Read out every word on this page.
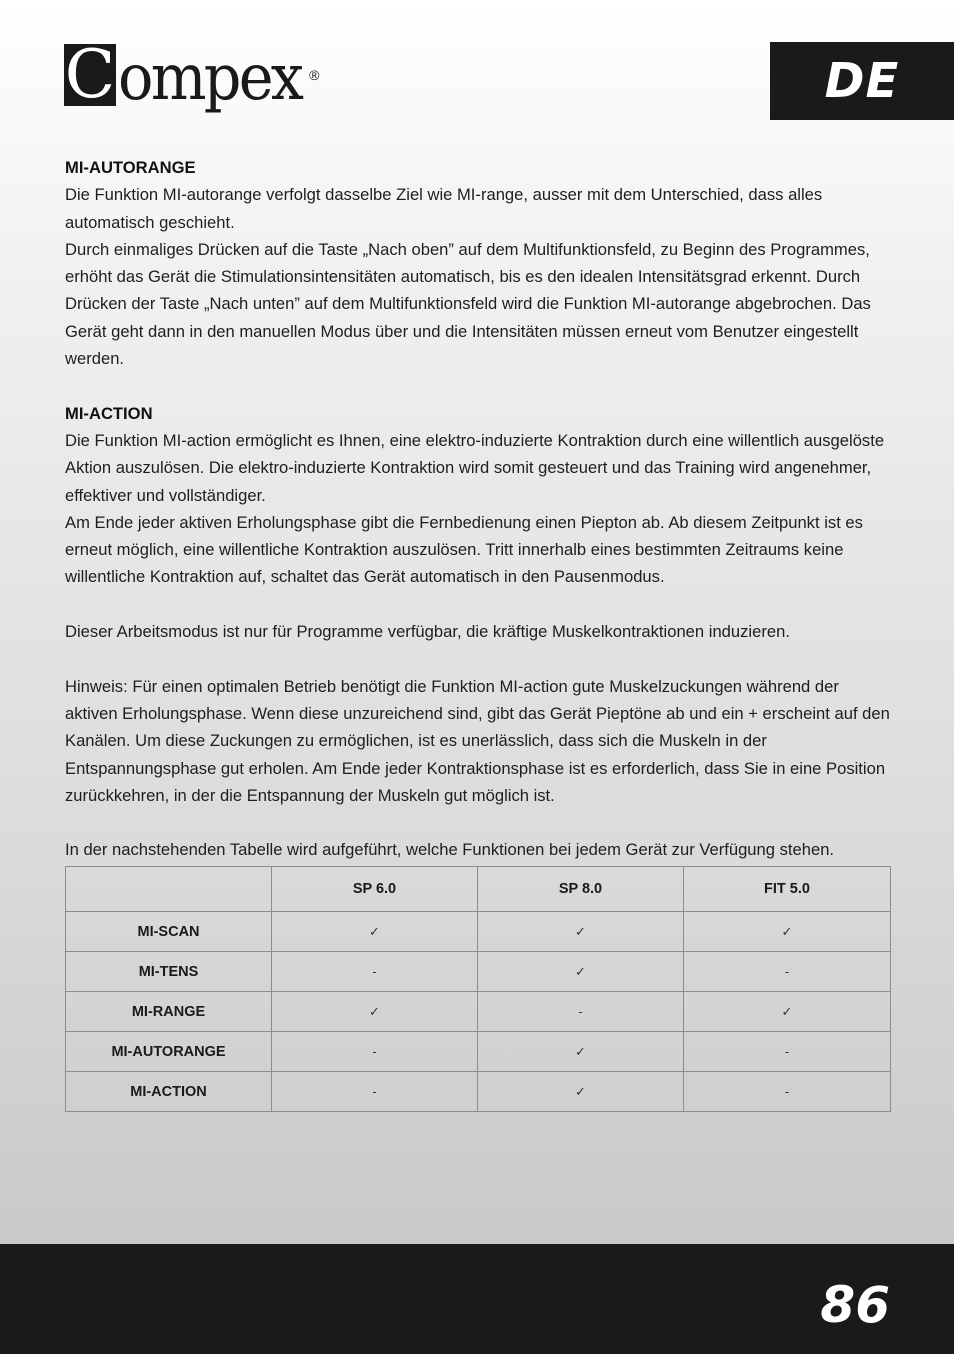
C ompex ®	DE

MI-AUTORANGE

Die Funktion MI-autorange verfolgt dasselbe Ziel wie MI-range, ausser mit dem Unterschied, dass alles automatisch geschieht.

Durch einmaliges Drücken auf die Taste „Nach oben” auf dem Multifunktionsfeld, zu Beginn des Programmes, erhöht das Gerät die Stimulationsintensitäten automatisch, bis es den idealen Intensitätsgrad erkennt. Durch Drücken der Taste „Nach unten” auf dem Multifunktionsfeld wird die Funktion MI-autorange abgebrochen. Das Gerät geht dann in den manuellen Modus über und die Intensitäten müssen erneut vom Benutzer eingestellt werden.

MI-ACTION

Die Funktion MI-action ermöglicht es Ihnen, eine elektro-induzierte Kontraktion durch eine willentlich ausgelöste Aktion auszulösen. Die elektro-induzierte Kontraktion wird somit gesteuert und das Training wird angenehmer, effektiver und vollständiger.

Am Ende jeder aktiven Erholungsphase gibt die Fernbedienung einen Piepton ab. Ab diesem Zeitpunkt ist es erneut möglich, eine willentliche Kontraktion auszulösen. Tritt innerhalb eines bestimmten Zeitraums keine willentliche Kontraktion auf, schaltet das Gerät automatisch in den Pausenmodus.

Dieser Arbeitsmodus ist nur für Programme verfügbar, die kräftige Muskelkontraktionen induzieren.

Hinweis: Für einen optimalen Betrieb benötigt die Funktion MI-action gute Muskelzuckungen während der aktiven Erholungsphase. Wenn diese unzureichend sind, gibt das Gerät Pieptöne ab und ein + erscheint auf den Kanälen. Um diese Zuckungen zu ermöglichen, ist es unerlässlich, dass sich die Muskeln in der Entspannungsphase gut erholen. Am Ende jeder Kontraktionsphase ist es erforderlich, dass Sie in eine Position zurückkehren, in der die Entspannung der Muskeln gut möglich ist.

In der nachstehenden Tabelle wird aufgeführt, welche Funktionen bei jedem Gerät zur Verfügung stehen.

	SP 6.0	SP 8.0	FIT 5.0
MI-SCAN	✓	✓	✓
MI-TENS	-	✓	-
MI-RANGE	✓	-	✓
MI-AUTORANGE	-	✓	-
MI-ACTION	-	✓	-
86
